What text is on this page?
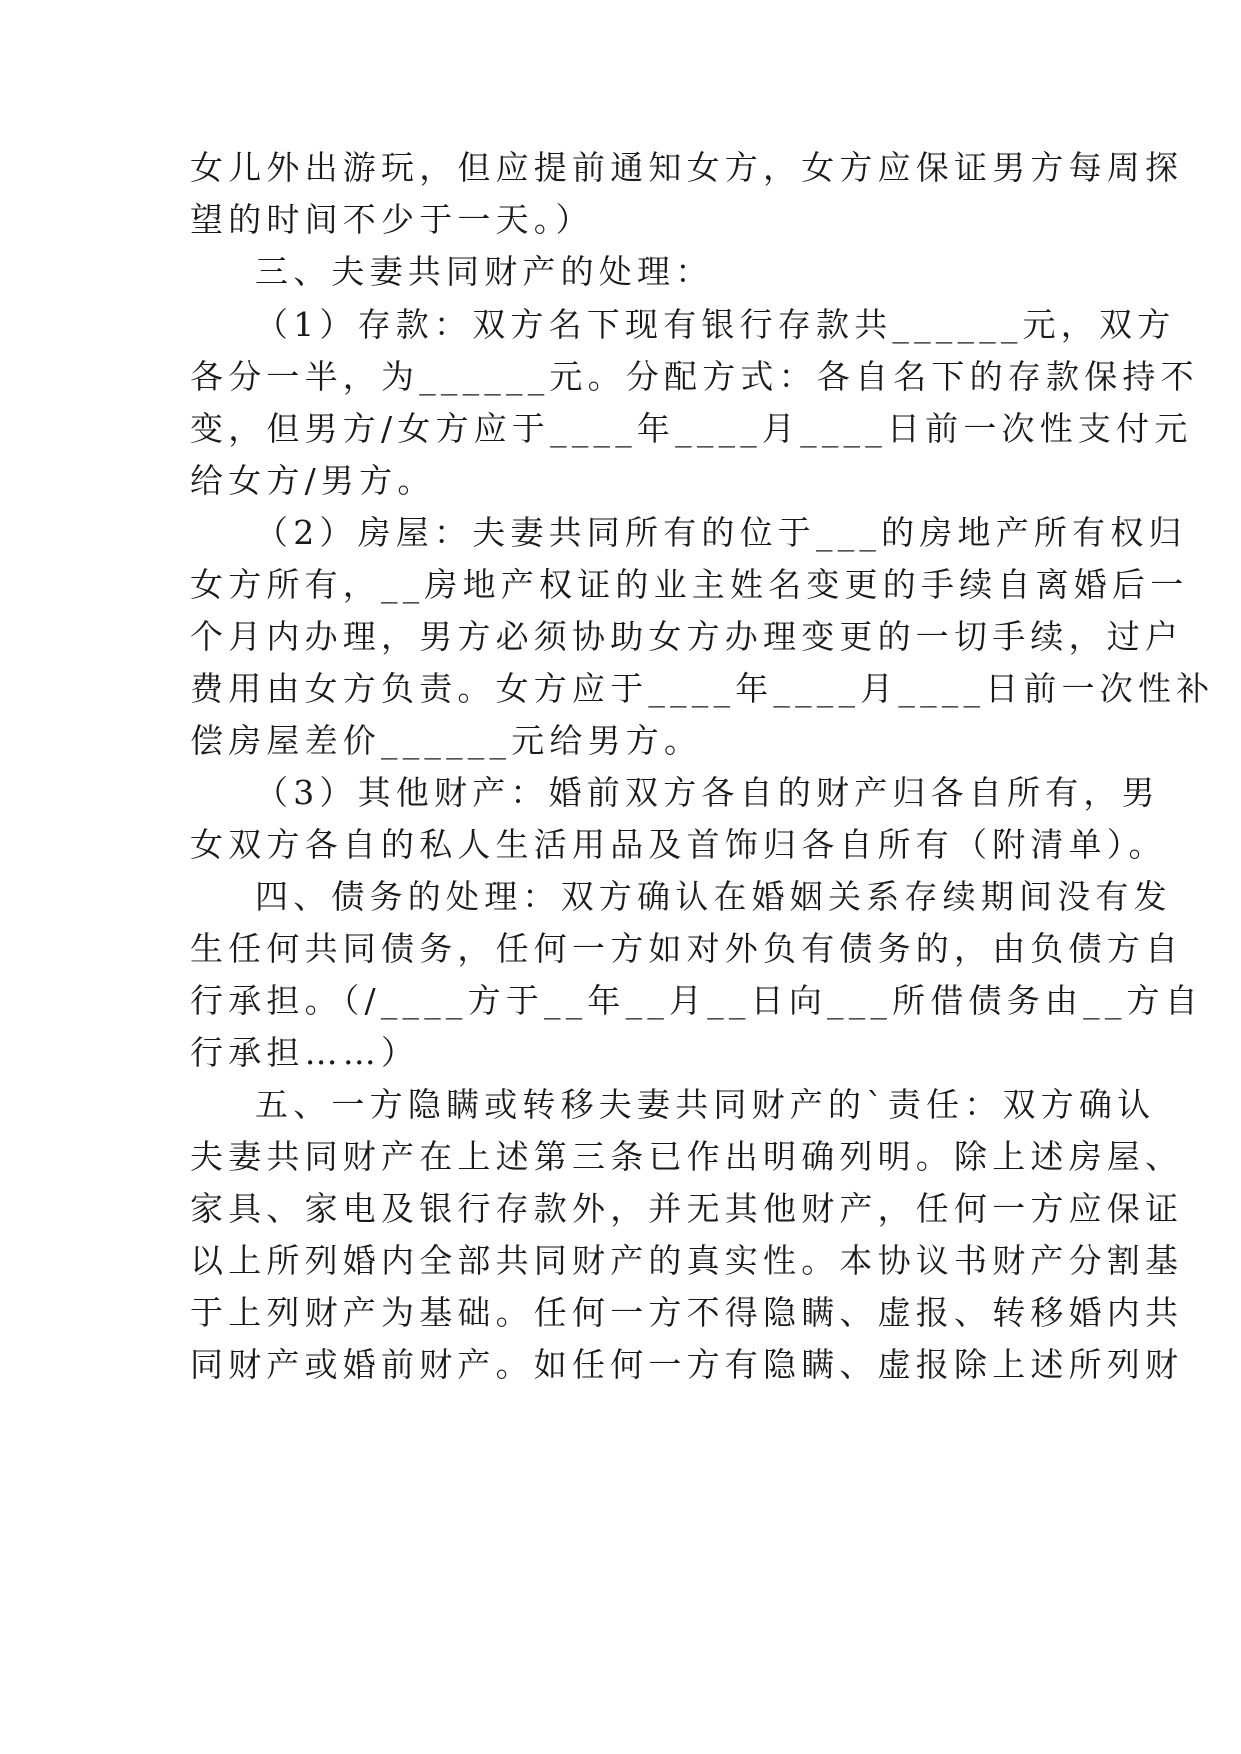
女儿外出游玩，但应提前通知女方，女方应保证男方每周探
望的时间不少于一天。）
三、夫妻共同财产的处理：
（1）存款：双方名下现有银行存款共______元，双方
各分一半，为______元。分配方式：各自名下的存款保持不
变，但男方/女方应于____年____月____日前一次性支付元
给女方/男方。
（2）房屋：夫妻共同所有的位于___的房地产所有权归
女方所有，__房地产权证的业主姓名变更的手续自离婚后一
个月内办理，男方必须协助女方办理变更的一切手续，过户
费用由女方负责。女方应于____年____月____日前一次性补
偿房屋差价______元给男方。
（3）其他财产：婚前双方各自的财产归各自所有，男
女双方各自的私人生活用品及首饰归各自所有（附清单）。
四、债务的处理：双方确认在婚姻关系存续期间没有发
生任何共同债务，任何一方如对外负有债务的，由负债方自
行承担。（/____方于__年__月__日向___所借债务由__方自
行承担……）
五、一方隐瞒或转移夫妻共同财产的`责任：双方确认
夫妻共同财产在上述第三条已作出明确列明。除上述房屋、
家具、家电及银行存款外，并无其他财产，任何一方应保证
以上所列婚内全部共同财产的真实性。本协议书财产分割基
于上列财产为基础。任何一方不得隐瞒、虚报、转移婚内共
同财产或婚前财产。如任何一方有隐瞒、虚报除上述所列财
